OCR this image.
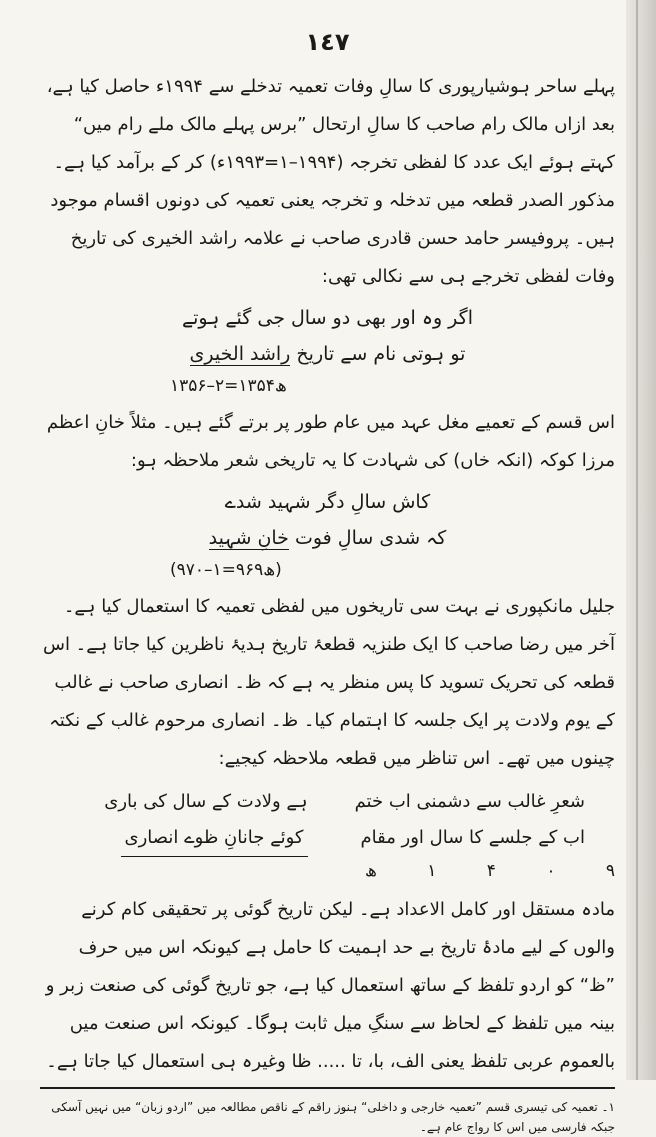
١٤٧

پہلے ساحر ہوشیارپوری کا سالِ وفات تعمیہ تدخلے سے ۱۹۹۴ء حاصل کیا ہے، بعد ازاں مالک رام صاحب کا سالِ ارتحال ”برس پہلے مالک ملے رام میں“ کہتے ہوئے ایک عدد کا لفظی تخرجہ (۱۹۹۴–۱=۱۹۹۳ء) کر کے برآمد کیا ہے۔ مذکور الصدر قطعہ میں تدخلہ و تخرجہ یعنی تعمیہ کی دونوں اقسام موجود ہیں۔ پروفیسر حامد حسن قادری صاحب نے علامہ راشد الخیری کی تاریخ وفات لفظی تخرجے ہی سے نکالی تھی:

اگر وہ اور بھی دو سال جی گئے ہوتے
تو ہوتی نام سے تاریخ راشد الخیری
۱۳۵۶–۲=۱۳۵۴ھ

اس قسم کے تعمیے مغل عہد میں عام طور پر برتے گئے ہیں۔ مثلاً خانِ اعظم مرزا کوکہ (انکہ خاں) کی شہادت کا یہ تاریخی شعر ملاحظہ ہو:

کاش سالِ دگر شہید شدے
کہ شدی سالِ فوت خانِ شہید
(۹۷۰–۱=۹۶۹ھ)

جلیل مانکپوری نے بہت سی تاریخوں میں لفظی تعمیہ کا استعمال کیا ہے۔

آخر میں رضا صاحب کا ایک طنزیہ قطعۂ تاریخ ہدیۂ ناظرین کیا جاتا ہے۔ اس قطعہ کی تحریک تسوید کا پس منظر یہ ہے کہ ظ۔ انصاری صاحب نے غالب کے یوم ولادت پر ایک جلسہ کا اہتمام کیا۔ ظ۔ انصاری مرحوم غالب کے نکتہ چینوں میں تھے۔ اس تناظر میں قطعہ ملاحظہ کیجیے:

شعرِ غالب سے دشمنی اب ختم
ہے ولادت کے سال کی باری
اب کے جلسے کا سال اور مقام
کوئے جانانِ ظوے انصاری
ھ	۱	۴	۰	۹

مادہ مستقل اور کامل الاعداد ہے۔ لیکن تاریخ گوئی پر تحقیقی کام کرنے والوں کے لیے مادۂ تاریخ بے حد اہمیت کا حامل ہے کیونکہ اس میں حرف ”ظ“ کو اردو تلفظ کے ساتھ استعمال کیا ہے، جو تاریخ گوئی کی صنعت زبر و بینہ میں تلفظ کے لحاظ سے سنگِ میل ثابت ہوگا۔ کیونکہ اس صنعت میں بالعموم عربی تلفظ یعنی الف، با، تا ..... ظا وغیرہ ہی استعمال کیا جاتا ہے۔

۱۔ تعمیہ کی تیسری قسم ”تعمیہ خارجی و داخلی“ ہنوز راقم کے ناقص مطالعہ میں ”اردو زبان“ میں نہیں آسکی جبکہ فارسی میں اس کا رواج عام ہے۔
